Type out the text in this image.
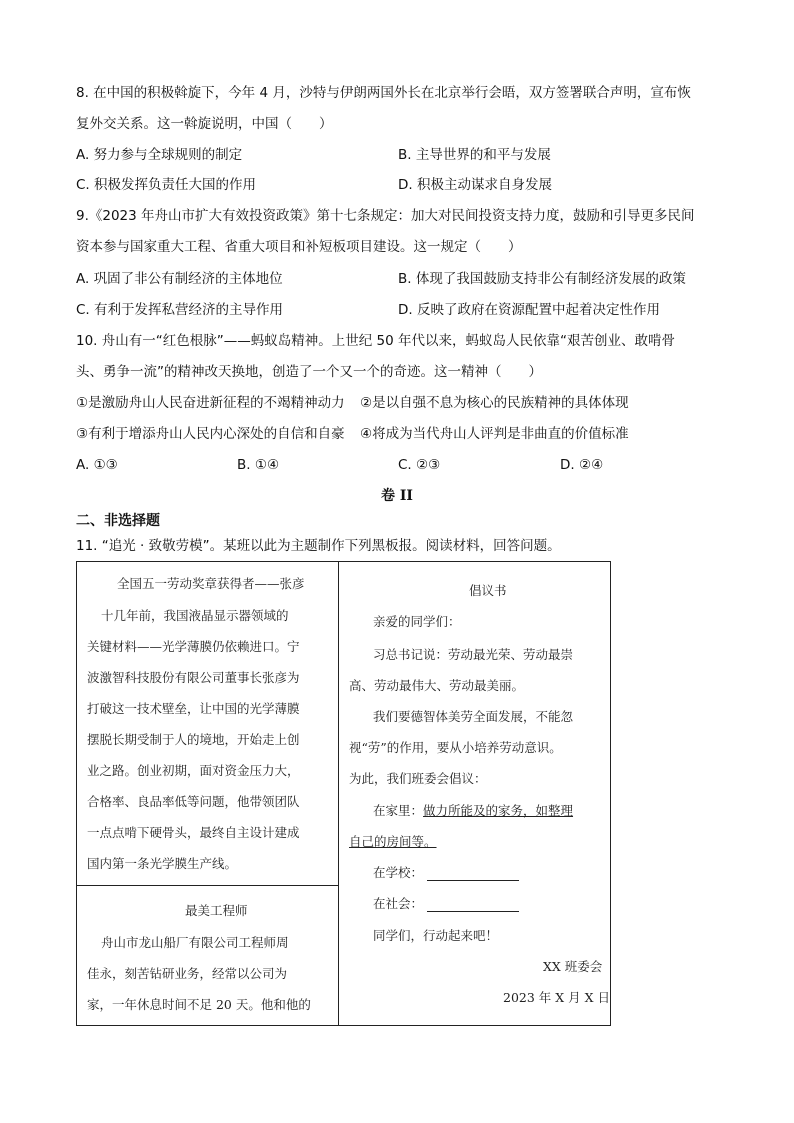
8. 在中国的积极斡旋下，今年 4 月，沙特与伊朗两国外长在北京举行会晤，双方签署联合声明，宣布恢
复外交关系。这一斡旋说明，中国（　　）
A. 努力参与全球规则的制定	B. 主导世界的和平与发展
C. 积极发挥负责任大国的作用	D. 积极主动谋求自身发展
9.《2023 年舟山市扩大有效投资政策》第十七条规定：加大对民间投资支持力度，鼓励和引导更多民间
资本参与国家重大工程、省重大项目和补短板项目建设。这一规定（　　）
A. 巩固了非公有制经济的主体地位	B. 体现了我国鼓励支持非公有制经济发展的政策
C. 有利于发挥私营经济的主导作用	D. 反映了政府在资源配置中起着决定性作用
10. 舟山有一“红色根脉”——蚂蚁岛精神。上世纪 50 年代以来，蚂蚁岛人民依靠“艰苦创业、敢啃骨
头、勇争一流”的精神改天换地，创造了一个又一个的奇迹。这一精神（　　）
①是激励舟山人民奋进新征程的不竭精神动力 ②是以自强不息为核心的民族精神的具体体现
③有利于增添舟山人民内心深处的自信和自豪 ④将成为当代舟山人评判是非曲直的价值标准
A. ①③	B. ①④	C. ②③	D. ②④
卷 II
二、非选择题
11. “追光 · 致敬劳模”。某班以此为主题制作下列黑板报。阅读材料，回答问题。
全国五一劳动奖章获得者——张彦
十几年前，我国液晶显示器领域的
关键材料——光学薄膜仍依赖进口。宁
波激智科技股份有限公司董事长张彦为
打破这一技术壁垒，让中国的光学薄膜
摆脱长期受制于人的境地，开始走上创
业之路。创业初期，面对资金压力大，
合格率、良品率低等问题，他带领团队
一点点啃下硬骨头，最终自主设计建成
国内第一条光学膜生产线。
最美工程师
舟山市龙山船厂有限公司工程师周
佳永，刻苦钻研业务，经常以公司为
家，一年休息时间不足 20 天。他和他的
倡议书
亲爱的同学们：
习总书记说：劳动最光荣、劳动最崇
高、劳动最伟大、劳动最美丽。
我们要德智体美劳全面发展，不能忽
视“劳”的作用，要从小培养劳动意识。
为此，我们班委会倡议：
在家里：做力所能及的家务，如整理
自己的房间等。
在学校：
在社会：
同学们，行动起来吧！
XX 班委会
2023 年 X 月 X 日
